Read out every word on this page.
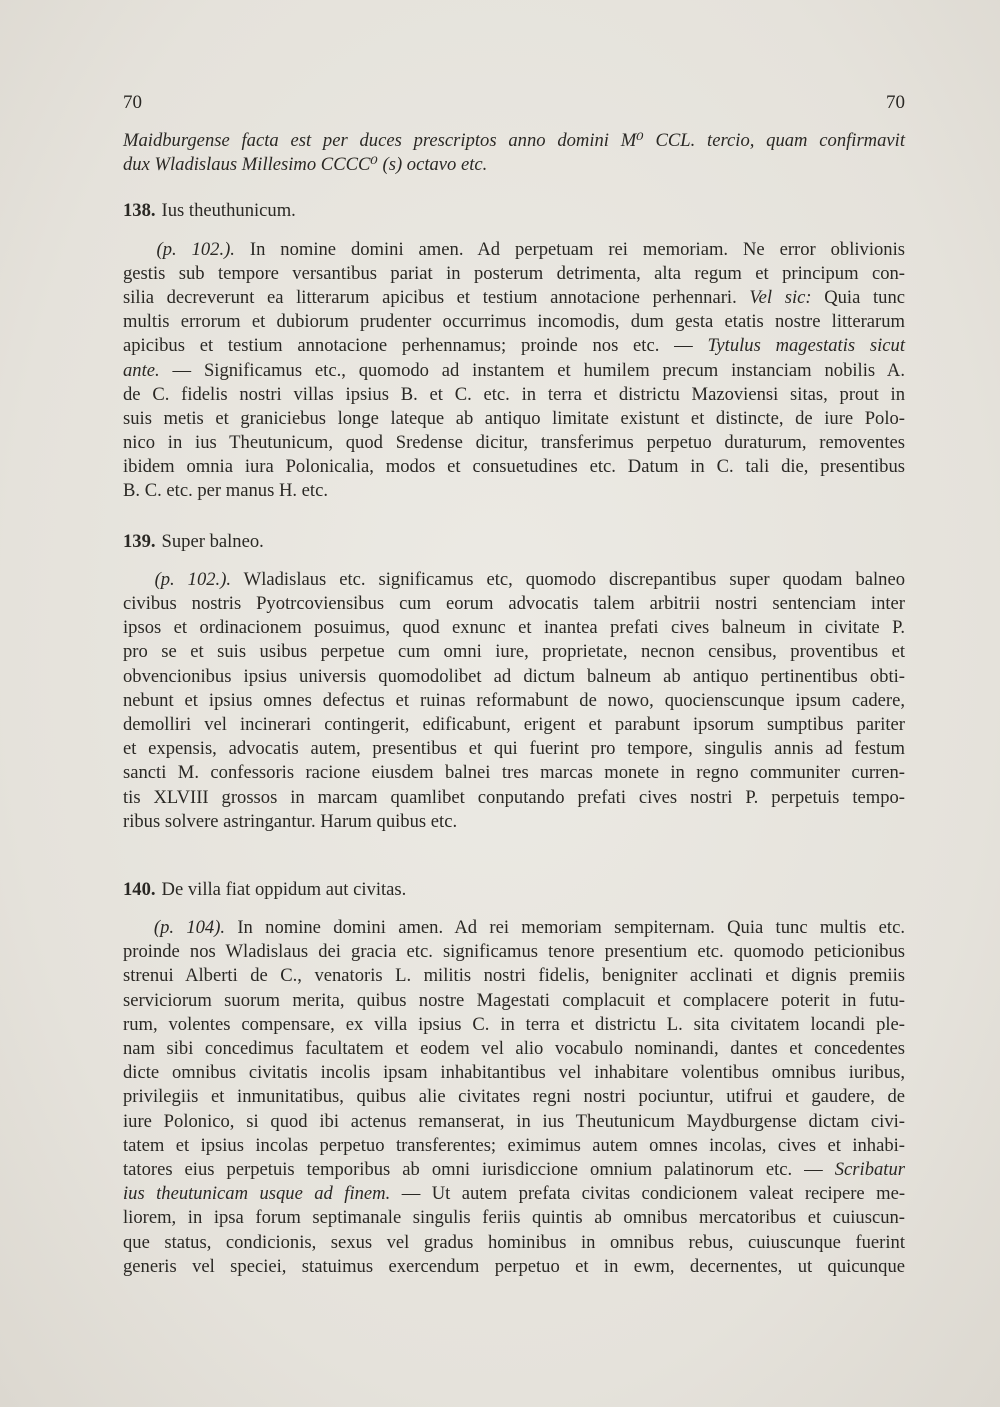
70	70
Maidburgense facta est per duces prescriptos anno domini M⁰ CCL. tercio, quam confirmavit
dux Wladislaus Millesimo CCCC⁰ (s) octavo etc.
138. Ius theuthunicum.
  (p. 102.). In nomine domini amen. Ad perpetuam rei memoriam. Ne error oblivionis
gestis sub tempore versantibus pariat in posterum detrimenta, alta regum et principum con-
silia decreverunt ea litterarum apicibus et testium annotacione perhennari. Vel sic: Quia tunc
multis errorum et dubiorum prudenter occurrimus incomodis, dum gesta etatis nostre litterarum
apicibus et testium annotacione perhennamus; proinde nos etc. — Tytulus magestatis sicut
ante. — Significamus etc., quomodo ad instantem et humilem precum instanciam nobilis A.
de C. fidelis nostri villas ipsius B. et C. etc. in terra et districtu Mazoviensi sitas, prout in
suis metis et graniciebus longe lateque ab antiquo limitate existunt et distincte, de iure Polo-
nico in ius Theutunicum, quod Sredense dicitur, transferimus perpetuo duraturum, removentes
ibidem omnia iura Polonicalia, modos et consuetudines etc. Datum in C. tali die, presentibus
B. C. etc. per manus H. etc.
139. Super balneo.
  (p. 102.). Wladislaus etc. significamus etc, quomodo discrepantibus super quodam balneo
civibus nostris Pyotrcoviensibus cum eorum advocatis talem arbitrii nostri sentenciam inter
ipsos et ordinacionem posuimus, quod exnunc et inantea prefati cives balneum in civitate P.
pro se et suis usibus perpetue cum omni iure, proprietate, necnon censibus, proventibus et
obvencionibus ipsius universis quomodolibet ad dictum balneum ab antiquo pertinentibus obti-
nebunt et ipsius omnes defectus et ruinas reformabunt de nowo, quocienscunque ipsum cadere,
demolliri vel incinerari contingerit, edificabunt, erigent et parabunt ipsorum sumptibus pariter
et expensis, advocatis autem, presentibus et qui fuerint pro tempore, singulis annis ad festum
sancti M. confessoris racione eiusdem balnei tres marcas monete in regno communiter curren-
tis XLVIII grossos in marcam quamlibet conputando prefati cives nostri P. perpetuis tempo-
ribus solvere astringantur. Harum quibus etc.
140. De villa fiat oppidum aut civitas.
  (p. 104). In nomine domini amen. Ad rei memoriam sempiternam. Quia tunc multis etc.
proinde nos Wladislaus dei gracia etc. significamus tenore presentium etc. quomodo peticionibus
strenui Alberti de C., venatoris L. militis nostri fidelis, benigniter acclinati et dignis premiis
serviciorum suorum merita, quibus nostre Magestati complacuit et complacere poterit in futu-
rum, volentes compensare, ex villa ipsius C. in terra et districtu L. sita civitatem locandi ple-
nam sibi concedimus facultatem et eodem vel alio vocabulo nominandi, dantes et concedentes
dicte omnibus civitatis incolis ipsam inhabitantibus vel inhabitare volentibus omnibus iuribus,
privilegiis et inmunitatibus, quibus alie civitates regni nostri pociuntur, utifrui et gaudere, de
iure Polonico, si quod ibi actenus remanserat, in ius Theutunicum Maydburgense dictam civi-
tatem et ipsius incolas perpetuo transferentes; eximimus autem omnes incolas, cives et inhabi-
tatores eius perpetuis temporibus ab omni iurisdiccione omnium palatinorum etc. — Scribatur
ius theutunicam usque ad finem. — Ut autem prefata civitas condicionem valeat recipere me-
liorem, in ipsa forum septimanale singulis feriis quintis ab omnibus mercatoribus et cuiuscun-
que status, condicionis, sexus vel gradus hominibus in omnibus rebus, cuiuscunque fuerint
generis vel speciei, statuimus exercendum perpetuo et in ewm, decernentes, ut quicunque
